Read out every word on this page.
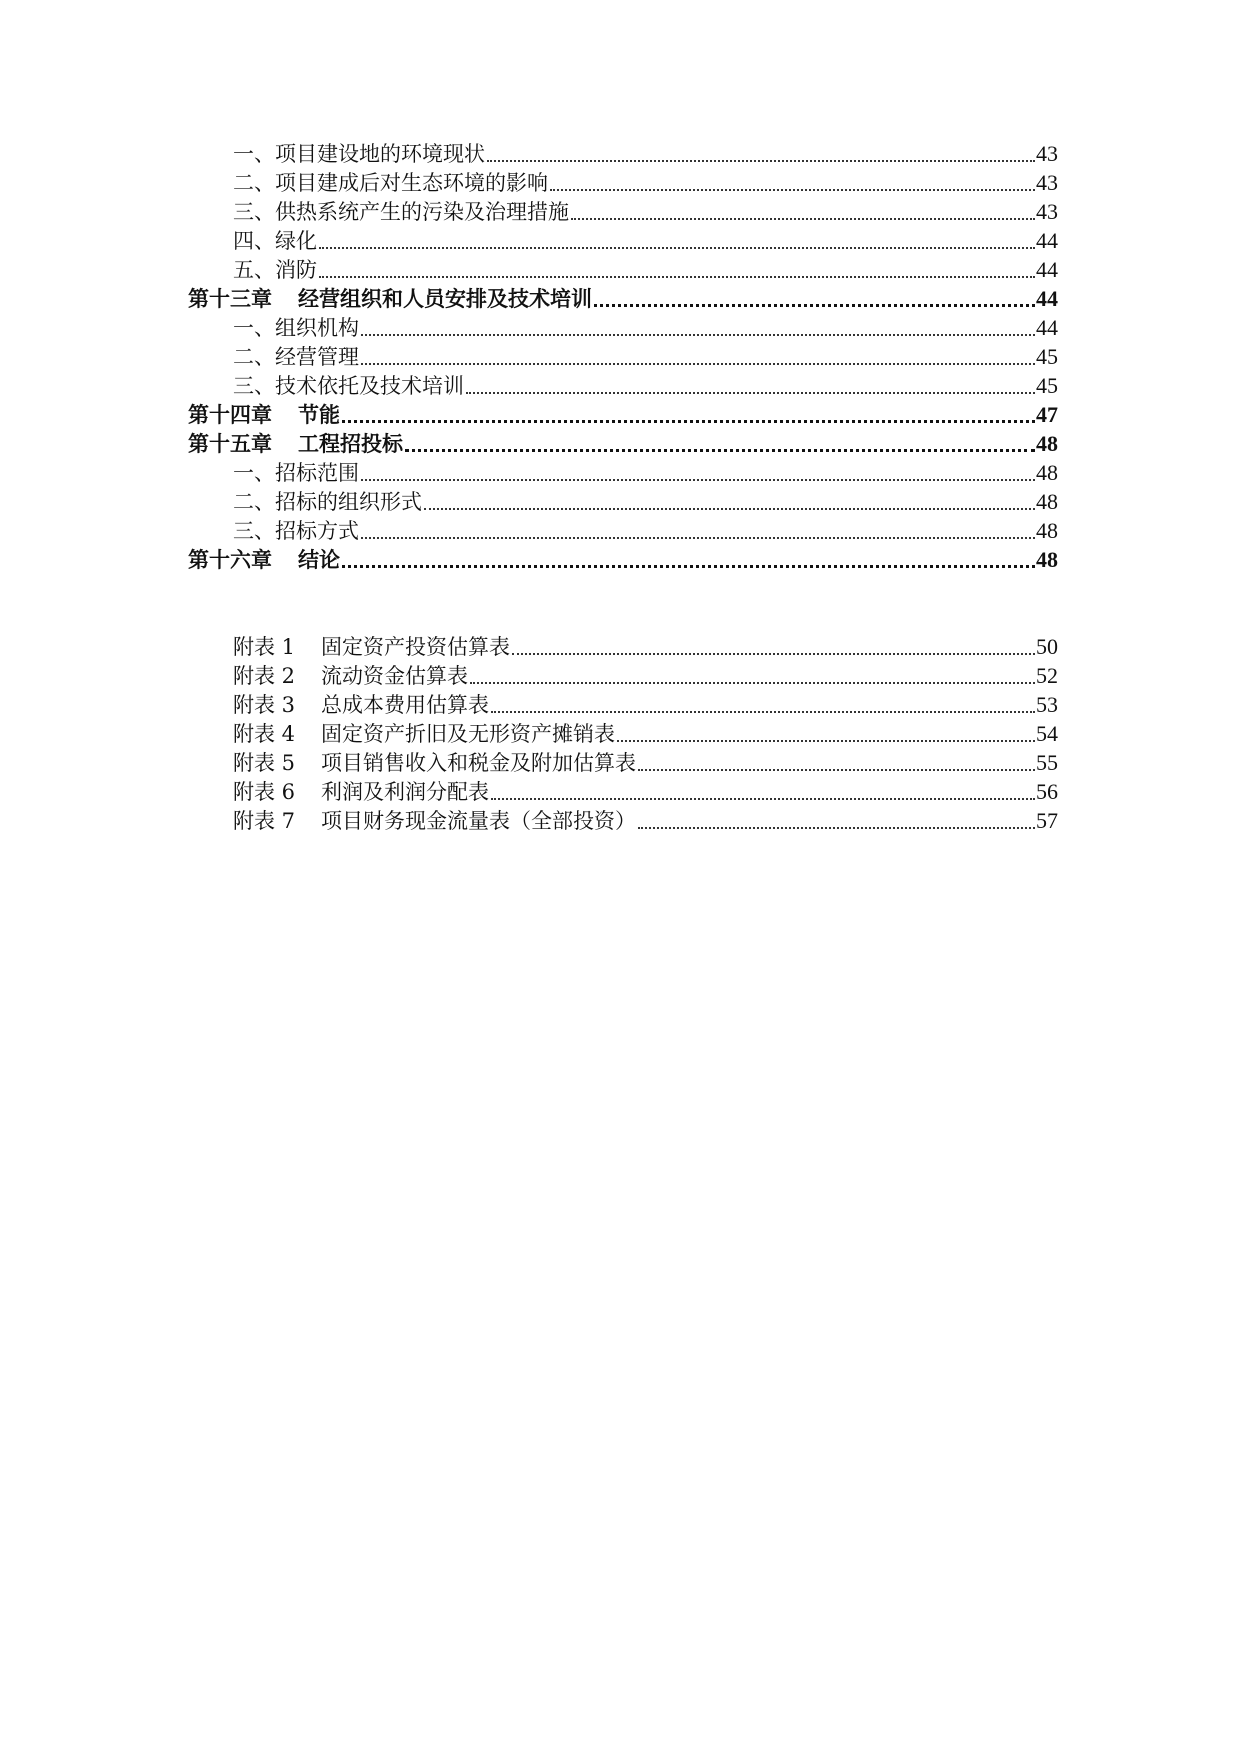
一、项目建设地的环境现状	43
二、项目建成后对生态环境的影响	43
三、供热系统产生的污染及治理措施	43
四、绿化	44
五、消防	44
第十三章 经营组织和人员安排及技术培训	44
一、组织机构	44
二、经营管理	45
三、技术依托及技术培训	45
第十四章 节能	47
第十五章 工程招投标	48
一、招标范围	48
二、招标的组织形式	48
三、招标方式	48
第十六章 结论	48
附表 1 固定资产投资估算表	50
附表 2 流动资金估算表	52
附表 3 总成本费用估算表	53
附表 4 固定资产折旧及无形资产摊销表	54
附表 5 项目销售收入和税金及附加估算表	55
附表 6 利润及利润分配表	56
附表 7 项目财务现金流量表（全部投资）	57
